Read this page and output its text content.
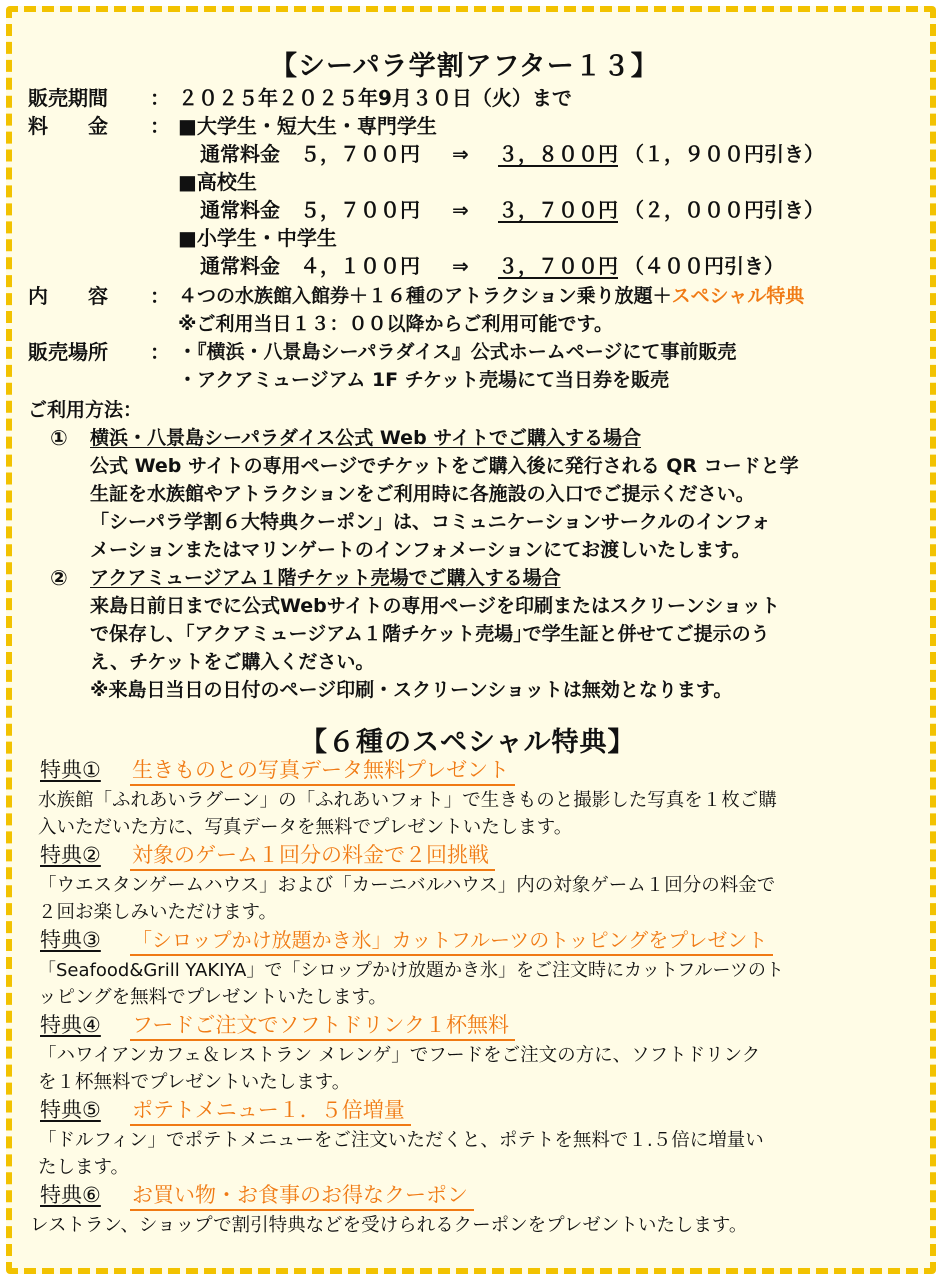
【シーパラ学割アフター１３】
販売期間 ： ２０２５年２０２５年9月３０日（火）まで
料　　金 ： ■大学生・短大生・専門学生
通常料金　５，７００円 ⇒ ３，８００円 （１，９００円引き）
■高校生
通常料金　５，７００円 ⇒ ３，７００円 （２，０００円引き）
■小学生・中学生
通常料金　４，１００円 ⇒ ３，７００円 （４００円引き）
内　　容 ： ４つの水族館入館券＋１６種のアトラクション乗り放題＋スペシャル特典
※ご利用当日１３：００以降からご利用可能です。
販売場所 ： ・『横浜・八景島シーパラダイス』公式ホームページにて事前販売
・アクアミュージアム 1F チケット売場にて当日券を販売
ご利用方法：
① 横浜・八景島シーパラダイス公式 Web サイトでご購入する場合
公式 Web サイトの専用ページでチケットをご購入後に発行される QR コードと学
生証を水族館やアトラクションをご利用時に各施設の入口でご提示ください。
「シーパラ学割６大特典クーポン」は、コミュニケーションサークルのインフォ
メーションまたはマリンゲートのインフォメーションにてお渡しいたします。
② アクアミュージアム１階チケット売場でご購入する場合
来島日前日までに公式Webサイトの専用ページを印刷またはスクリーンショット
で保存し、｢アクアミュージアム１階チケット売場｣で学生証と併せてご提示のう
え、チケットをご購入ください。
※来島日当日の日付のページ印刷・スクリーンショットは無効となります。
【６種のスペシャル特典】
特典① 生きものとの写真データ無料プレゼント
水族館「ふれあいラグーン」の「ふれあいフォト」で生きものと撮影した写真を１枚ご購
入いただいた方に、写真データを無料でプレゼントいたします。
特典② 対象のゲーム１回分の料金で２回挑戦
「ウエスタンゲームハウス」および「カーニバルハウス」内の対象ゲーム１回分の料金で
２回お楽しみいただけます。
特典③ 「シロップかけ放題かき氷」カットフルーツのトッピングをプレゼント
「Seafood&Grill YAKIYA」で「シロップかけ放題かき氷」をご注文時にカットフルーツのト
ッピングを無料でプレゼントいたします。
特典④ フードご注文でソフトドリンク１杯無料
「ハワイアンカフェ＆レストラン メレンゲ」でフードをご注文の方に、ソフトドリンク
を１杯無料でプレゼントいたします。
特典⑤ ポテトメニュー１．５倍増量
「ドルフィン」でポテトメニューをご注文いただくと、ポテトを無料で１.５倍に増量い
たします。
特典⑥ お買い物・お食事のお得なクーポン
レストラン、ショップで割引特典などを受けられるクーポンをプレゼントいたします。
